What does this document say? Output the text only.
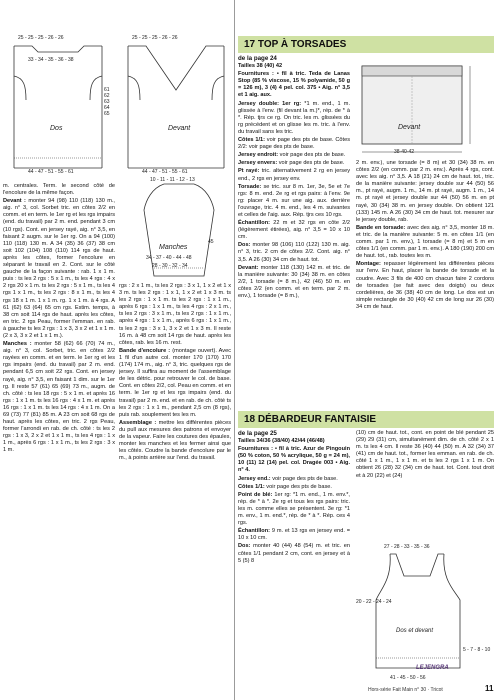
25 - 25 - 25 - 26 - 26
33 - 34 - 35 - 36 - 38
Dos
44 - 47 - 51 - 55 - 61
61
62
63
64
65
25 - 25 - 25 - 26 - 26
Devant
44 - 47 - 51 - 55 - 61
10 - 11 - 11 - 12 - 13
Manches
34 - 37 - 40 - 44 - 48
28 - 30 - 32 - 34
45

m. centrales. Term. le second côté de l'encolure de la même façon.

Devant : monter 94 (98) 110 (118) 130 m., aig. n° 3, col. Sorbet tric. en côtes 2/2 en comm. et en term. le 1er rg et les rgs impairs (end. du travail) par 2 m. end. pendant 3 cm (10 rgs). Cont. en jersey rayé, aig. n° 3,5, en faisant 2 augm. sur le 1er rg. On a 94 (100) 110 (118) 130 m. A 34 (35) 36 (37) 38 cm soit 102 (104) 108 (110) 114 rgs de haut. après les côtes, former l'encolure en séparant le travail en 2. Cont. sur le côté gauche de la façon suivante : rab. 1 x 1 m. puis : ts les 2 rgs : 5 x 1 m., ts les 4 rgs : 4 x 2 rgs 20 x 1 m. ts les 2 rgs : 5 x 1 m., ts les 4 rgs 1 x 1 m., ts les 2 rgs : 8 x 1 m., ts les 4 rgs 18 x 1 m. 1 x 1 m. rg. 1 x 1 m. à 4 rgs. A 61 (62) 63 (64) 65 cm rgs. Estim. temps, à 38 cm soit 114 rgs de haut. après les côtes, en tric. 2 rgs Peau, former l'emman. en rab. à gauche ts les 2 rgs : 1 x 3, 3 x 2 et 1 x 1 m. (2 x 3, 3 x 2 et 1 x 1 m.).

Manches : monter 58 (62) 66 (70) 74 m., aig. n° 3, col. Sorbet, tric. en côtes 2/2 rayées en comm. et en term. le 1er rg et les rgs impairs (end. du travail) par 2 m. end. pendant 6,5 cm soit 22 rgs. Cont. en jersey rayé, aig. n° 3,5, en faisant 1 dim. sur le 1er rg. Il reste 57 (61) 65 (69) 73 m., augm. de ch. côté : ts les 18 rgs : 5 x 1 m. et après 16 rgs : 1 x 1 m. ts les 16 rgs : 4 x 1 m. et après 16 rgs : 1 x 1 m. ts les 14 rgs : 4 x 1 m. On a 69 (73) 77 (81) 85 m. A 23 cm soit 68 rgs de haut. après les côtes, en tric. 2 rgs Peau, former l'arrondi en rab. de ch. côté : ts les 2 rgs : 1 x 3, 2 x 2 et 1 x 1 m., ts les 4 rgs : 1 x 1 m., après 6 rgs : 1 x 1 m., ts les 2 rgs : 3 x 1 m.

rgs : 2 x 1 m., ts les 2 rgs : 3 x 1, 1 x 2 et 1 x 3 m. ts les 2 rgs : 1 x 1, 1 x 2 et 1 x 3 m. ts les 2 rgs : 1 x 1 m. ts les 2 rgs : 1 x 1 m., après 6 rgs : 1 x 1 m., ts les 4 rgs : 2 x 1 m., ts les 2 rgs : 3 x 1 m., ts les 2 rgs : 1 x 1 m., après 4 rgs : 1 x 1 m., après 6 rgs : 1 x 1 m., ts les 2 rgs : 3 x 1, 3 x 2 et 1 x 3 m. Il reste 16 m. à 48 cm soit 14 rgs de haut. après les côtes, rab. les 16 m. rest.

Bande d'encolure : (montage ouvert). Avec 1 fil d'un autre col. monter 170 (170) 170 (174) 174 m., aig. n° 3, tric. quelques rgs de jersey. Il suffira au moment de l'assemblage de les détric. pour retrouver le col. de base. Cont. en côtes 2/2, col. Peau en comm. et en term. le 1er rg et les rgs impairs (end. du travail) par 2 m. end. et en rab. de ch. côté ts les 2 rgs : 1 x 1 m., pendant 2,5 cm (8 rgs), puis rab. souplement tes les m.

Assemblage : mettre les différentes pièces du pull aux mesures des patrons et envoyer de la vapeur. Faire les coutures des épaules, monter les manches et les fermer ainsi que les côtés. Coudre la bande d'encolure par le m., à points arrière sur l'end. du travail.

17 TOP À TORSADES

de la page 24

Tailles 38 (40) 42

Fournitures : • fil à tric. Teda de Lanas Stop (85 % viscose, 15 % polyamide, 50 g = 126 m), 3 (4) 4 pel. col. 375 • Aig. n° 3,5 et 1 aig. aux.

Jersey double: 1er rg: *1 m. end., 1 m. glissée à l'env. (fil devant la m.)*, rép. de * à *. Rép. tjrs ce rg. On tric. les m. glissées du rg précédent et on glisse les m. tric. à l'env. du travail sans les tric.

Côtes 1/1: voir page des pts de base. Côtes 2/2: voir page des pts de base.

Jersey endroit: voir page des pts de base.

Jersey envers: voir page des pts de base.

Pt rayé: tric. alternativement 2 rg en jersey end., 2 rgs en jersey env.

Torsade: se tric. sur 8 m. 1er, 3e, 5e et 7e rgs: 8 m. end. 2e rg et rgs pairs: à l'env. 9e rg: placer 4 m. sur une aig. aux. derrière l'ouvrage, tric. 4 m. end., les 4 m. suivantes et celles de l'aig. aux. Rép. tjrs ces 10 rgs.

Échantillon: 22 m et 32 rgs en côte 2/2 (légèrement étirées), aig. n° 3,5 = 10 x 10 cm.

Dos: monter 98 (106) 110 (122) 130 m. aig. n° 3, tric. 2 cm de côtes 2/2. Cont. aig. n° 3,5. A 26 (30) 34 cm de haut. tot.

Devant: monter 118 (130) 142 m. et tric. de la manière suivante: 30 (34) 38 m. en côtes 2/2, 1 torsade (= 8 m.), 42 (46) 50 m. en côtes 2/2 (en comm. et en term. par 2 m. env.), 1 torsade (= 8 m.),

Devant
38-40-42

2 m. env.), une torsade (= 8 m) et 30 (34) 38 m. en côtes 2/2 (en comm. par 2 m. env.). Après 4 rgs, cont. avec les aig. n° 3,5. A 18 (21) 24 cm de haut. tot., tric. de la manière suivante: jersey double sur 44 (50) 56 m., pt rayé, augm. 1 m., 14 m. pt rayé, augm. 1 m., 14 m. pt rayé et jersey double sur 44 (50) 56 m. en pt rayé, 30 (34) 38 m. en jersey double. On obtient 121 (133) 145 m. A 26 (30) 34 cm de haut. tot. mesurer sur le jersey double, rab.

Bande en torsade: avec des aig. n° 3,5, monter 18 m. et tric. de la manière suivante: 5 m. en côtes 1/1 (en comm. par 1 m. env.), 1 torsade (= 8 m) et 5 m en côtes 1/1 (en comm. par 1 m. env.). A 180 (190) 200 cm de haut. tot., rab. toutes les m.

Montage: repasser légèrement les différentes pièces sur l'env. En haut, placer la bande de torsade et la coudre. Avec 3 fils de 400 cm chacun faire 2 cordons de torsades (se fait avec des doigts) ou deux cordelières, de 36 (38) 40 cm de long. Le dos est un simple rectangle de 30 (40) 42 cm de long sur 26 (30) 34 cm de haut.

18 DÉBARDEUR FANTAISIE

de la page 25

Tailles 34/36 (38/40) 42/44 (46/48)

Fournitures : • fil à tric. Azur de Pingouin (50 % coton, 50 % acrylique, 50 g = 24 m), 10 (11) 12 (14) pel. col. Dragée 003 • Aig. n° 4.

Jersey end.: voir page des pts de base.

Côtes 1/1: voir page des pts de base.

Point de blé: 1er rg: *1 m. end., 1 m. env.*, rép. de * à *. 2e rg et tous les rgs pairs: tric. les m. comme elles se présentent. 3e rg: *1 m. env., 1 m. end.*, rép. de * à *. Rép. ces 4 rgs.

Échantillon: 9 m. et 13 rgs en jersey end. = 10 x 10 cm.

Dos: monter 40 (44) 48 (54) m. et tric. en côtes 1/1 pendant 2 cm, cont. en jersey et à 5 (5) 8

(10) cm de haut. tot., cont. en point de blé pendant 25 (29) 29 (31) cm, simultanément dim. de ch. côté 2 x 1 m. ts les 4 cm. Il reste 36 (40) 44 (50) m. A 32 (34) 37 (41) cm de haut. tot., former les emman. en rab. de ch. côté 1 x 1 m., 1 x 1 m. et ts les 2 rgs 1 x 1 m. On obtient 26 (28) 32 (34) cm de haut. tot. Cont. tout droit et à 20 (22) et (24)

27 - 28 - 33 - 35 - 36
20 - 22 - 24 - 24
Dos et devant
5 - 7 - 8 - 10
41 - 45 - 50 - 56
LEJENGRA
Hors-série Fait Main n° 30 · Tricot	11
